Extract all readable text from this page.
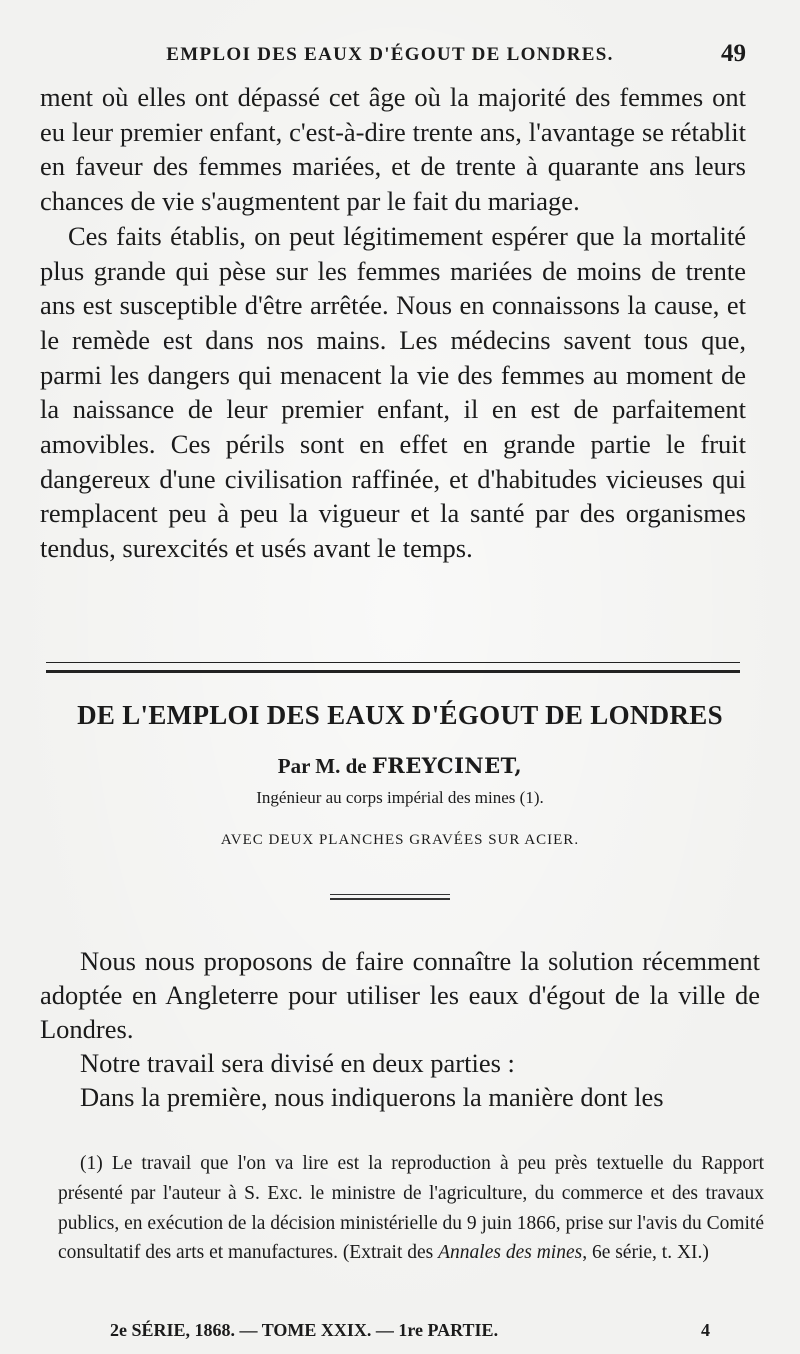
EMPLOI DES EAUX D'ÉGOUT DE LONDRES.	49

ment où elles ont dépassé cet âge où la majorité des femmes ont eu leur premier enfant, c'est-à-dire trente ans, l'avantage se rétablit en faveur des femmes mariées, et de trente à quarante ans leurs chances de vie s'augmentent par le fait du mariage.

Ces faits établis, on peut légitimement espérer que la mortalité plus grande qui pèse sur les femmes mariées de moins de trente ans est susceptible d'être arrêtée. Nous en connaissons la cause, et le remède est dans nos mains. Les médecins savent tous que, parmi les dangers qui menacent la vie des femmes au moment de la naissance de leur premier enfant, il en est de parfaitement amovibles. Ces périls sont en effet en grande partie le fruit dangereux d'une civilisation raffinée, et d'habitudes vicieuses qui remplacent peu à peu la vigueur et la santé par des organismes tendus, surexcités et usés avant le temps.

DE L'EMPLOI DES EAUX D'ÉGOUT DE LONDRES
Par M. de FREYCINET,
Ingénieur au corps impérial des mines (1).
AVEC DEUX PLANCHES GRAVÉES SUR ACIER.

Nous nous proposons de faire connaître la solution récemment adoptée en Angleterre pour utiliser les eaux d'égout de la ville de Londres.

Notre travail sera divisé en deux parties :

Dans la première, nous indiquerons la manière dont les

(1) Le travail que l'on va lire est la reproduction à peu près textuelle du Rapport présenté par l'auteur à S. Exc. le ministre de l'agriculture, du commerce et des travaux publics, en exécution de la décision ministérielle du 9 juin 1866, prise sur l'avis du Comité consultatif des arts et manufactures. (Extrait des Annales des mines, 6e série, t. XI.)

2e SÉRIE, 1868. — TOME XXIX. — 1re PARTIE.	4
